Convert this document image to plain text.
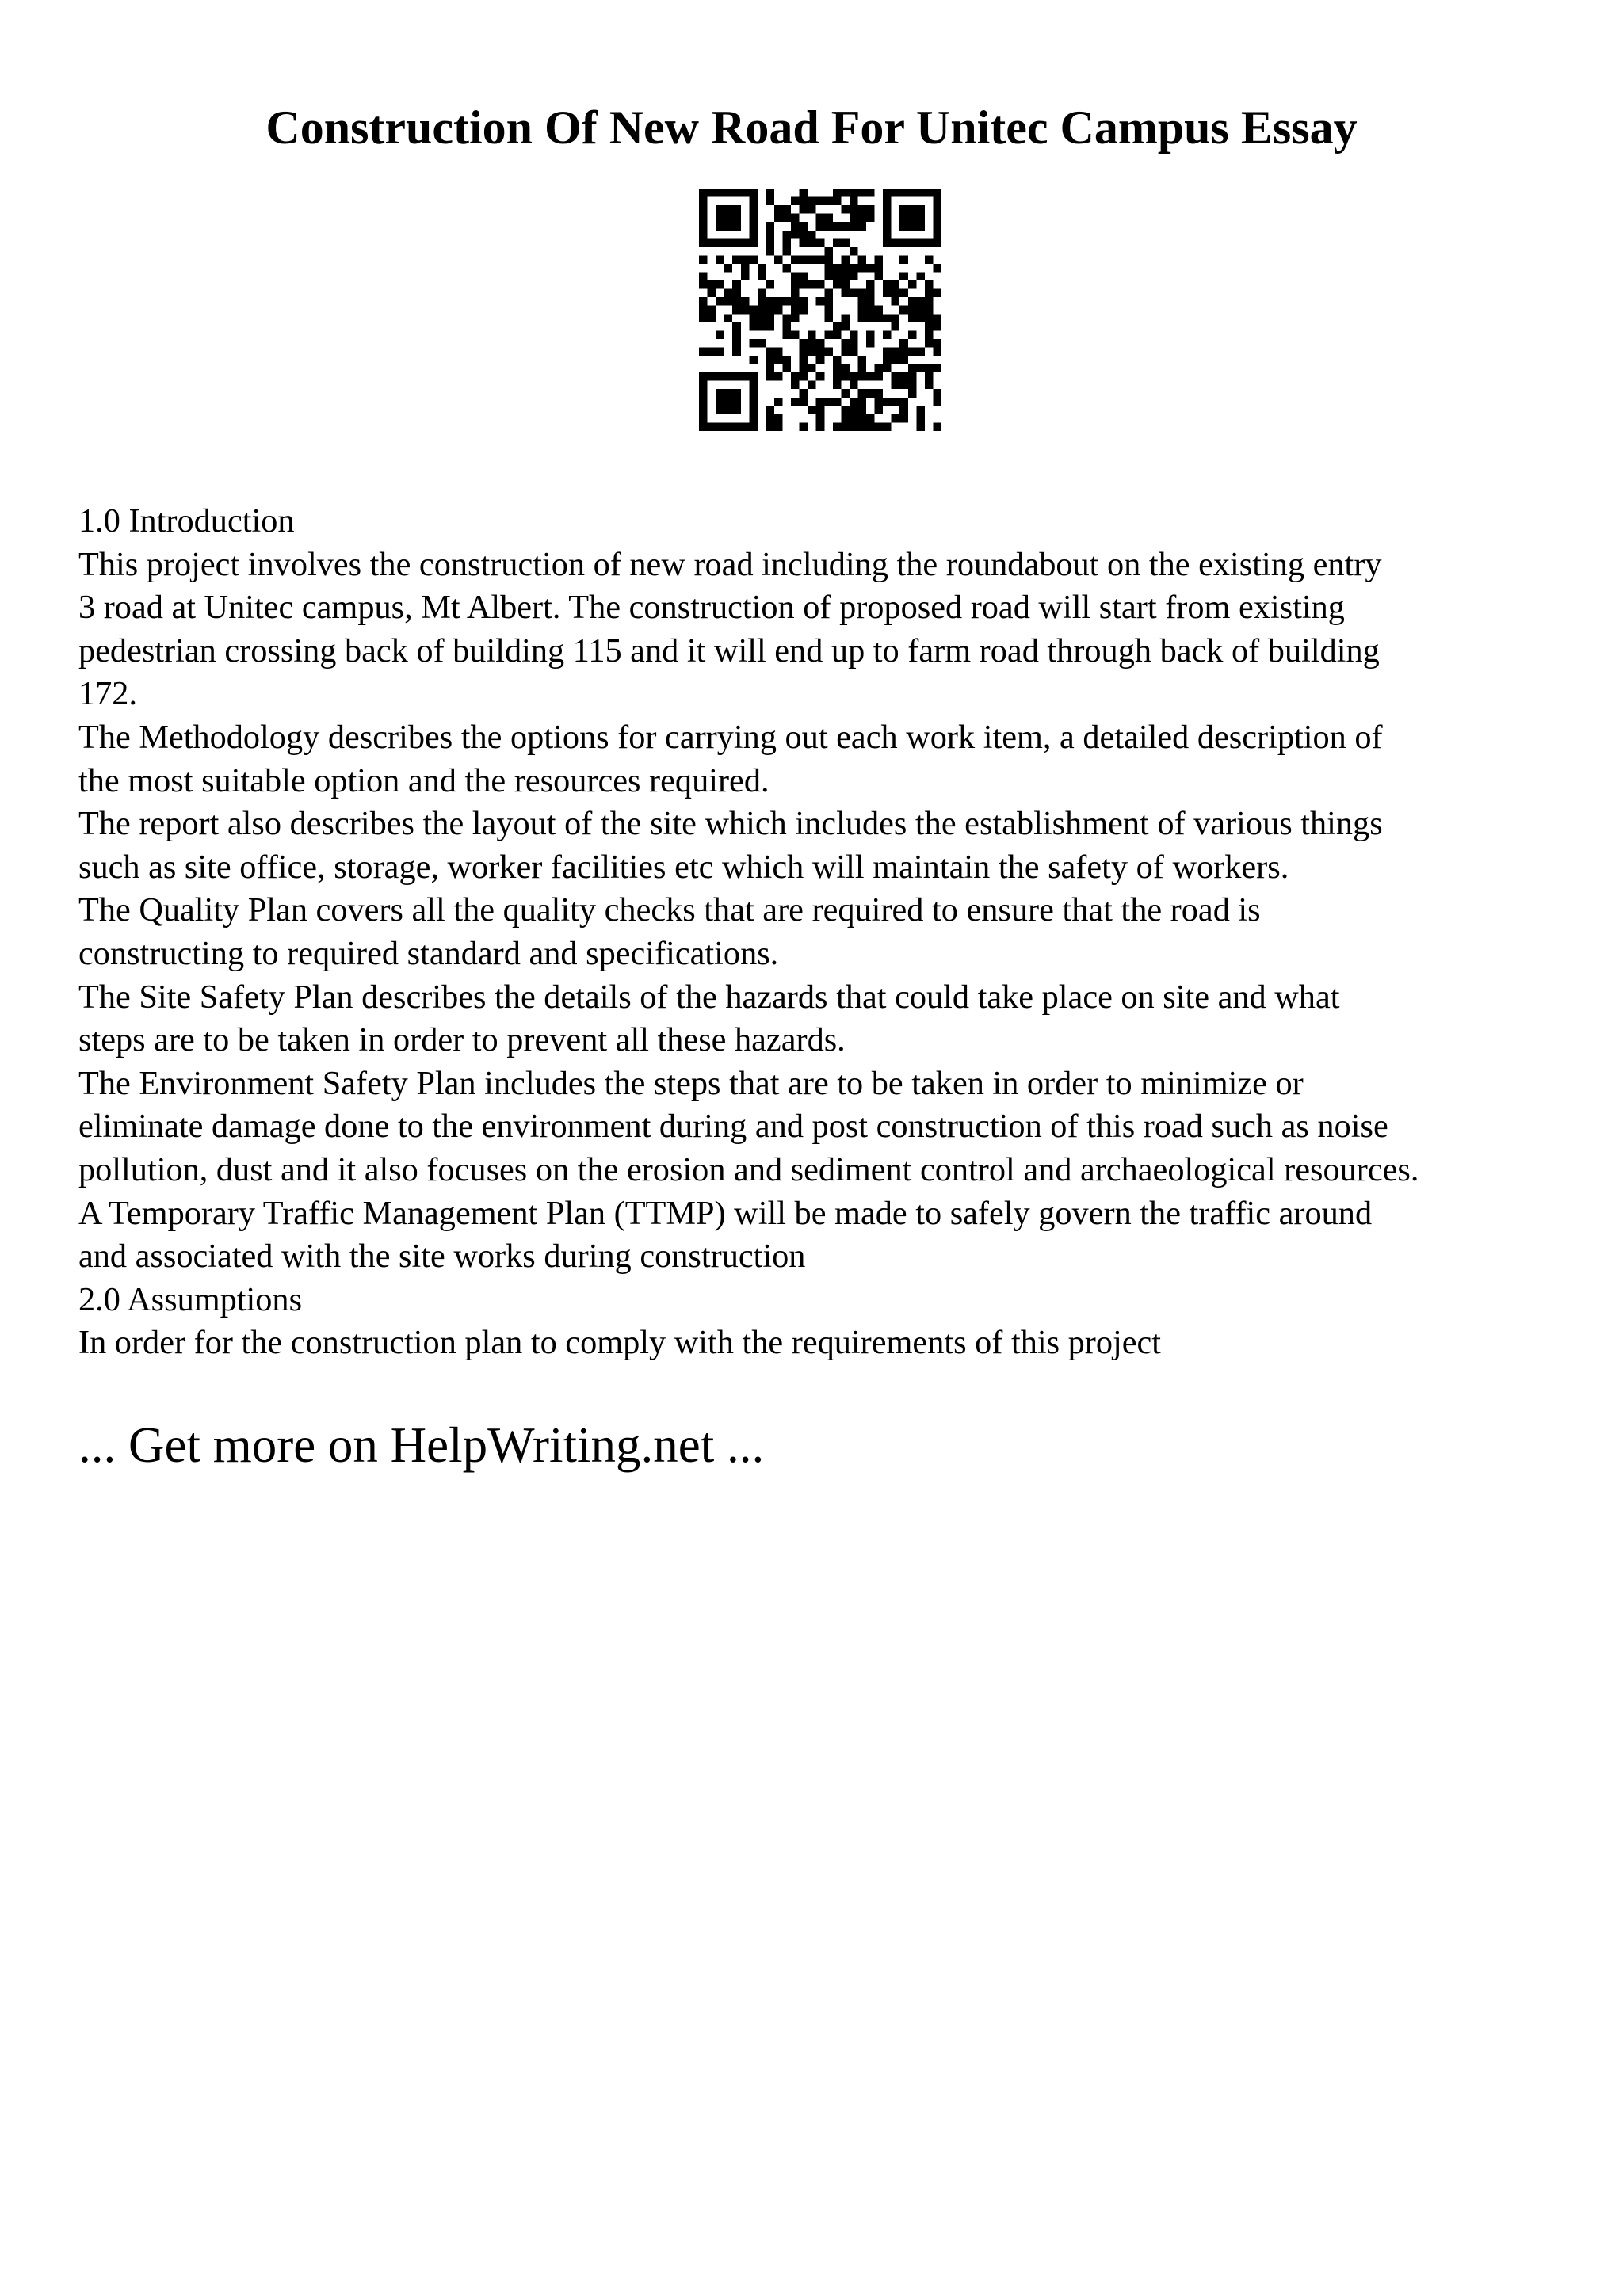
Construction Of New Road For Unitec Campus Essay

1.0 Introduction

This project involves the construction of new road including the roundabout on the existing entry
3 road at Unitec campus, Mt Albert. The construction of proposed road will start from existing
pedestrian crossing back of building 115 and it will end up to farm road through back of building
172.

The Methodology describes the options for carrying out each work item, a detailed description of
the most suitable option and the resources required.

The report also describes the layout of the site which includes the establishment of various things
such as site office, storage, worker facilities etc which will maintain the safety of workers.

The Quality Plan covers all the quality checks that are required to ensure that the road is
constructing to required standard and specifications.

The Site Safety Plan describes the details of the hazards that could take place on site and what
steps are to be taken in order to prevent all these hazards.

The Environment Safety Plan includes the steps that are to be taken in order to minimize or
eliminate damage done to the environment during and post construction of this road such as noise
pollution, dust and it also focuses on the erosion and sediment control and archaeological resources.

A Temporary Traffic Management Plan (TTMP) will be made to safely govern the traffic around
and associated with the site works during construction

2.0 Assumptions

In order for the construction plan to comply with the requirements of this project

... Get more on HelpWriting.net ...
